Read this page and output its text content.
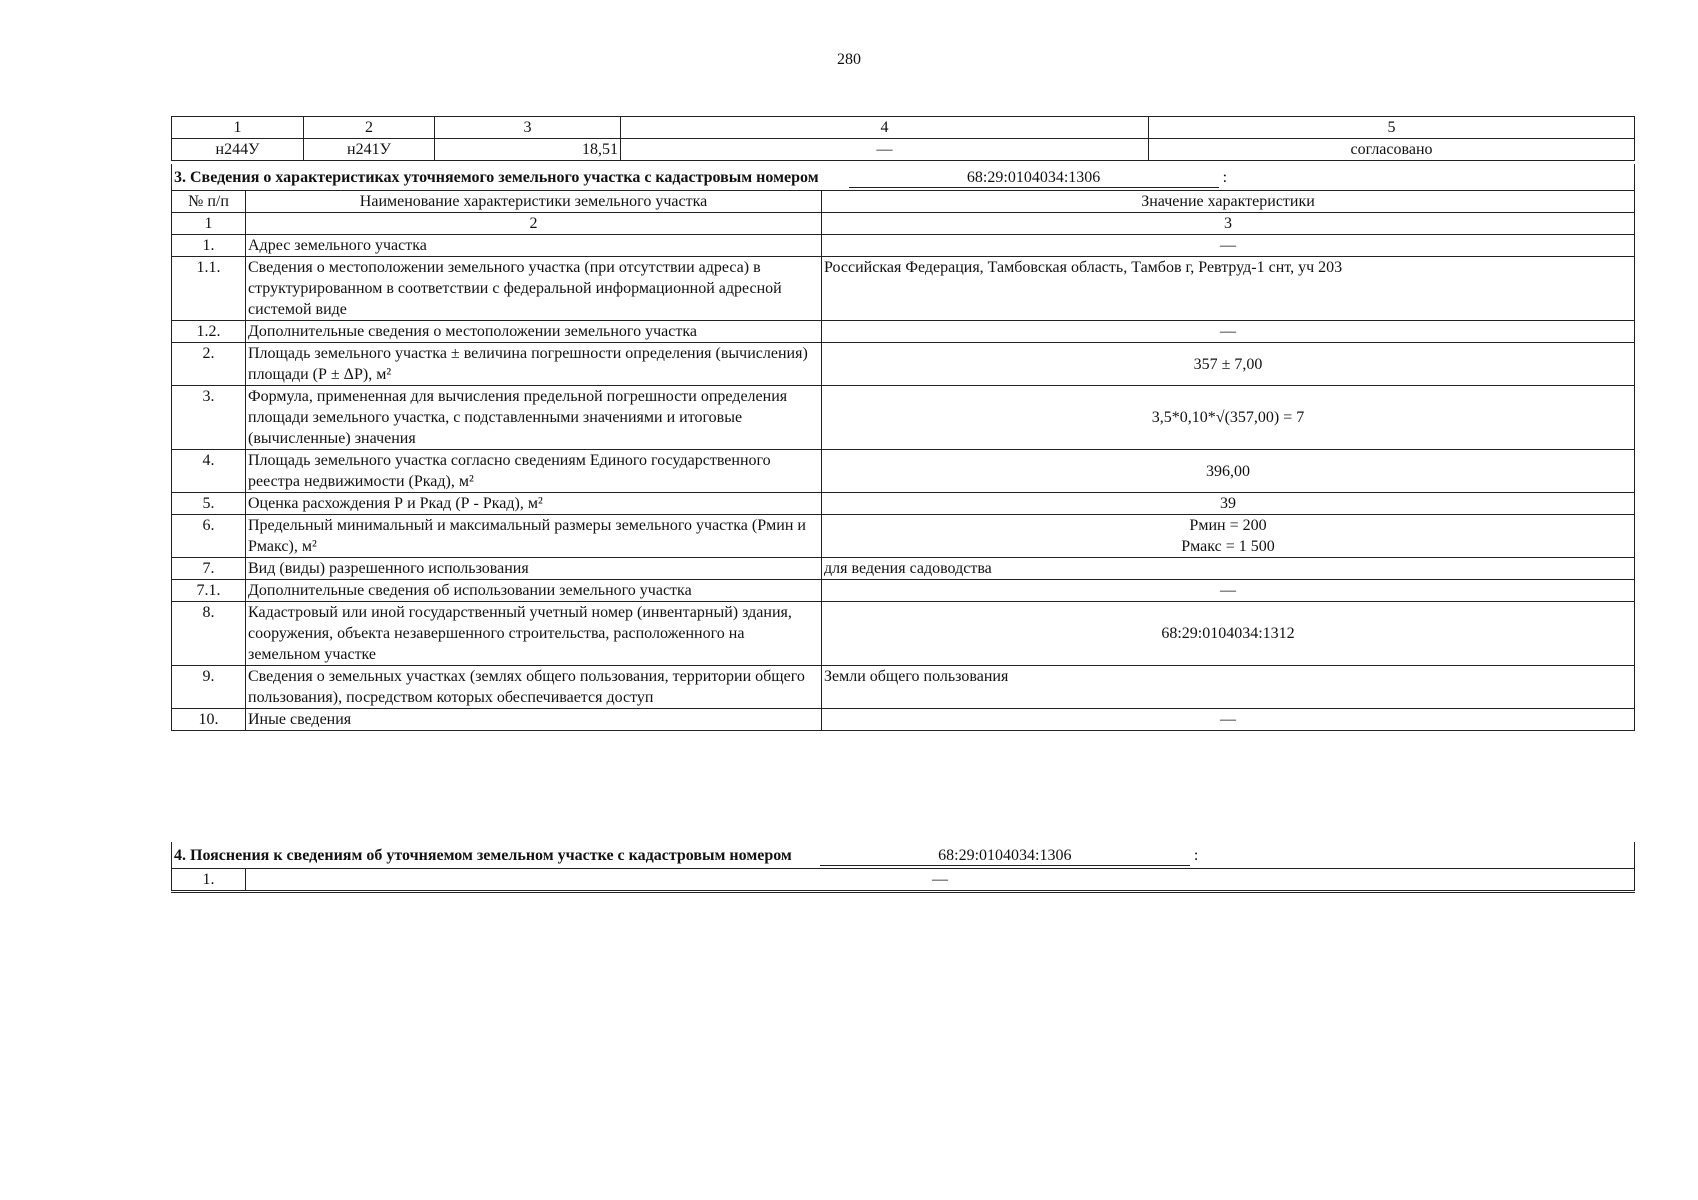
280
1	2	3	4	5
н244У	н241У	18,51	—	согласовано
3. Сведения о характеристиках уточняемого земельного участка с кадастровым номером 68:29:0104034:1306 :		
№ п/п	Наименование характеристики земельного участка	Значение характеристики
1	2	3
1.	Адрес земельного участка	—
1.1.	Сведения о местоположении земельного участка (при отсутствии адреса) в структурированном в соответствии с федеральной информационной адресной системой виде	Российская Федерация, Тамбовская область, Тамбов г, Ревтруд-1 снт, уч 203
1.2.	Дополнительные сведения о местоположении земельного участка	—
2.	Площадь земельного участка ± величина погрешности определения (вычисления) площади (Р ± ΔР), м²	357 ± 7,00
3.	Формула, примененная для вычисления предельной погрешности определения площади земельного участка, с подставленными значениями и итоговые (вычисленные) значения	3,5*0,10*√(357,00) = 7
4.	Площадь земельного участка согласно сведениям Единого государственного реестра недвижимости (Ркад), м²	396,00
5.	Оценка расхождения Р и Ркад (Р - Ркад), м²	39
6.	Предельный минимальный и максимальный размеры земельного участка (Рмин и Рмакс), м²	Рмин = 200
Рмакс = 1 500

7.	Вид (виды) разрешенного использования	для ведения садоводства
7.1.	Дополнительные сведения об использовании земельного участка	—
8.	Кадастровый или иной государственный учетный номер (инвентарный) здания, сооружения, объекта незавершенного строительства, расположенного на земельном участке	68:29:0104034:1312
9.	Сведения о земельных участках (землях общего пользования, территории общего пользования), посредством которых обеспечивается доступ	Земли общего пользования
10.	Иные сведения	—
4. Пояснения к сведениям об уточняемом земельном участке с кадастровым номером	68:29:0104034:1306	:
1.	—
